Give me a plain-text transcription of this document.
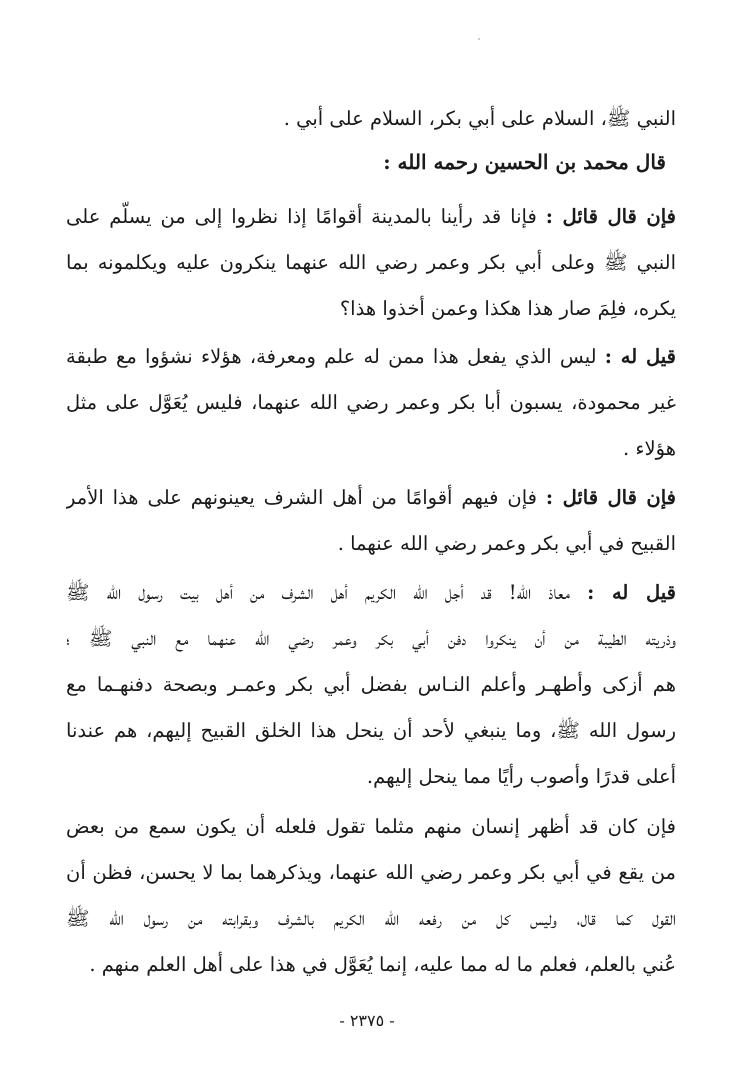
النبي ﷺ، السلام على أبي بكر، السلام على أبي .
قال محمد بن الحسين رحمه الله :
فإن قال قائل : فإنا قد رأينا بالمدينة أقوامًا إذا نظروا إلى من يسلّم على
النبي ﷺ وعلى أبي بكر وعمر رضي الله عنهما ينكرون عليه ويكلمونه بما
يكره، فلِمَ صار هذا هكذا وعمن أخذوا هذا؟
قيل له : ليس الذي يفعل هذا ممن له علم ومعرفة، هؤلاء نشؤوا مع طبقة
غير محمودة، يسبون أبا بكر وعمر رضي الله عنهما، فليس يُعَوَّل على مثل
هؤلاء .
فإن قال قائل : فإن فيهم أقوامًا من أهل الشرف يعينونهم على هذا الأمر
القبيح في أبي بكر وعمر رضي الله عنهما .
قيل له : معاذ الله! قد أجل الله الكريم أهل الشرف من أهل بيت رسول الله ﷺ
وذريته الطيبة من أن ينكروا دفن أبي بكر وعمر رضي الله عنهما مع النبي ﷺ ؛
هم أزكى وأطهـر وأعلم النـاس بفضل أبي بكر وعمـر وبصحة دفنهـما مع
رسول الله ﷺ، وما ينبغي لأحد أن ينحل هذا الخلق القبيح إليهم، هم عندنا
أعلى قدرًا وأصوب رأيًا مما ينحل إليهم.
فإن كان قد أظهر إنسان منهم مثلما تقول فلعله أن يكون سمع من بعض
من يقع في أبي بكر وعمر رضي الله عنهما، ويذكرهما بما لا يحسن، فظن أن
القول كما قال، وليس كل من رفعه الله الكريم بالشرف وبقرابته من رسول الله ﷺ
عُني بالعلم، فعلم ما له مما عليه، إنما يُعَوَّل في هذا على أهل العلم منهم .
- ٢٣٧٥ -
